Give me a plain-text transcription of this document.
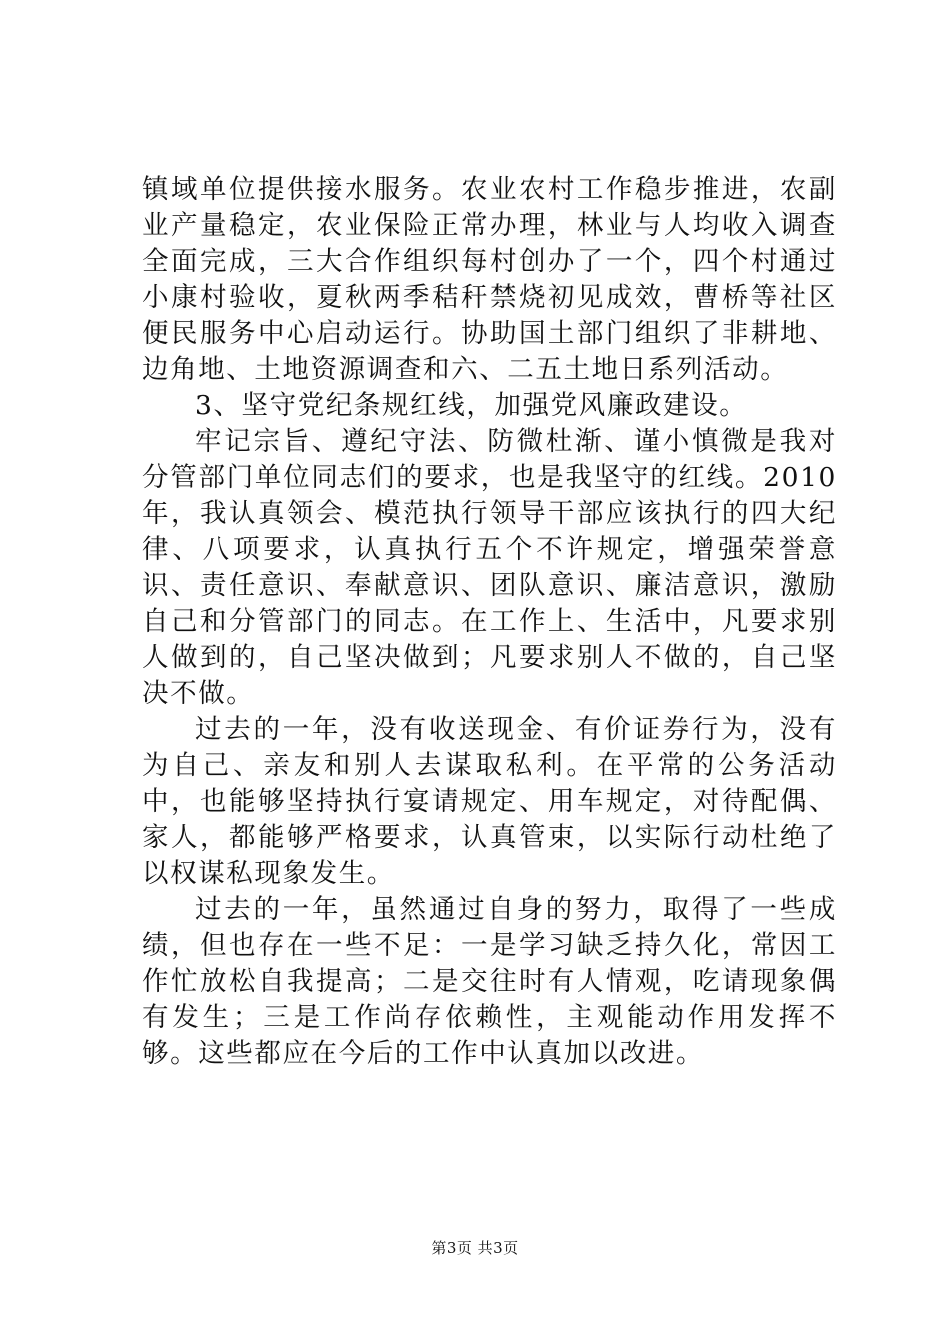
镇域单位提供接水服务。农业农村工作稳步推进，农副业产量稳定，农业保险正常办理，林业与人均收入调查全面完成，三大合作组织每村创办了一个，四个村通过小康村验收，夏秋两季秸秆禁烧初见成效，曹桥等社区便民服务中心启动运行。协助国土部门组织了非耕地、边角地、土地资源调查和六、二五土地日系列活动。

3、坚守党纪条规红线，加强党风廉政建设。

牢记宗旨、遵纪守法、防微杜渐、谨小慎微是我对分管部门单位同志们的要求，也是我坚守的红线。2010年，我认真领会、模范执行领导干部应该执行的四大纪律、八项要求，认真执行五个不许规定，增强荣誉意识、责任意识、奉献意识、团队意识、廉洁意识，激励自己和分管部门的同志。在工作上、生活中，凡要求别人做到的，自己坚决做到；凡要求别人不做的，自己坚决不做。

过去的一年，没有收送现金、有价证券行为，没有为自己、亲友和别人去谋取私利。在平常的公务活动中，也能够坚持执行宴请规定、用车规定，对待配偶、家人，都能够严格要求，认真管束，以实际行动杜绝了以权谋私现象发生。

过去的一年，虽然通过自身的努力，取得了一些成绩，但也存在一些不足：一是学习缺乏持久化，常因工作忙放松自我提高；二是交往时有人情观，吃请现象偶有发生；三是工作尚存依赖性，主观能动作用发挥不够。这些都应在今后的工作中认真加以改进。

第3页 共3页
